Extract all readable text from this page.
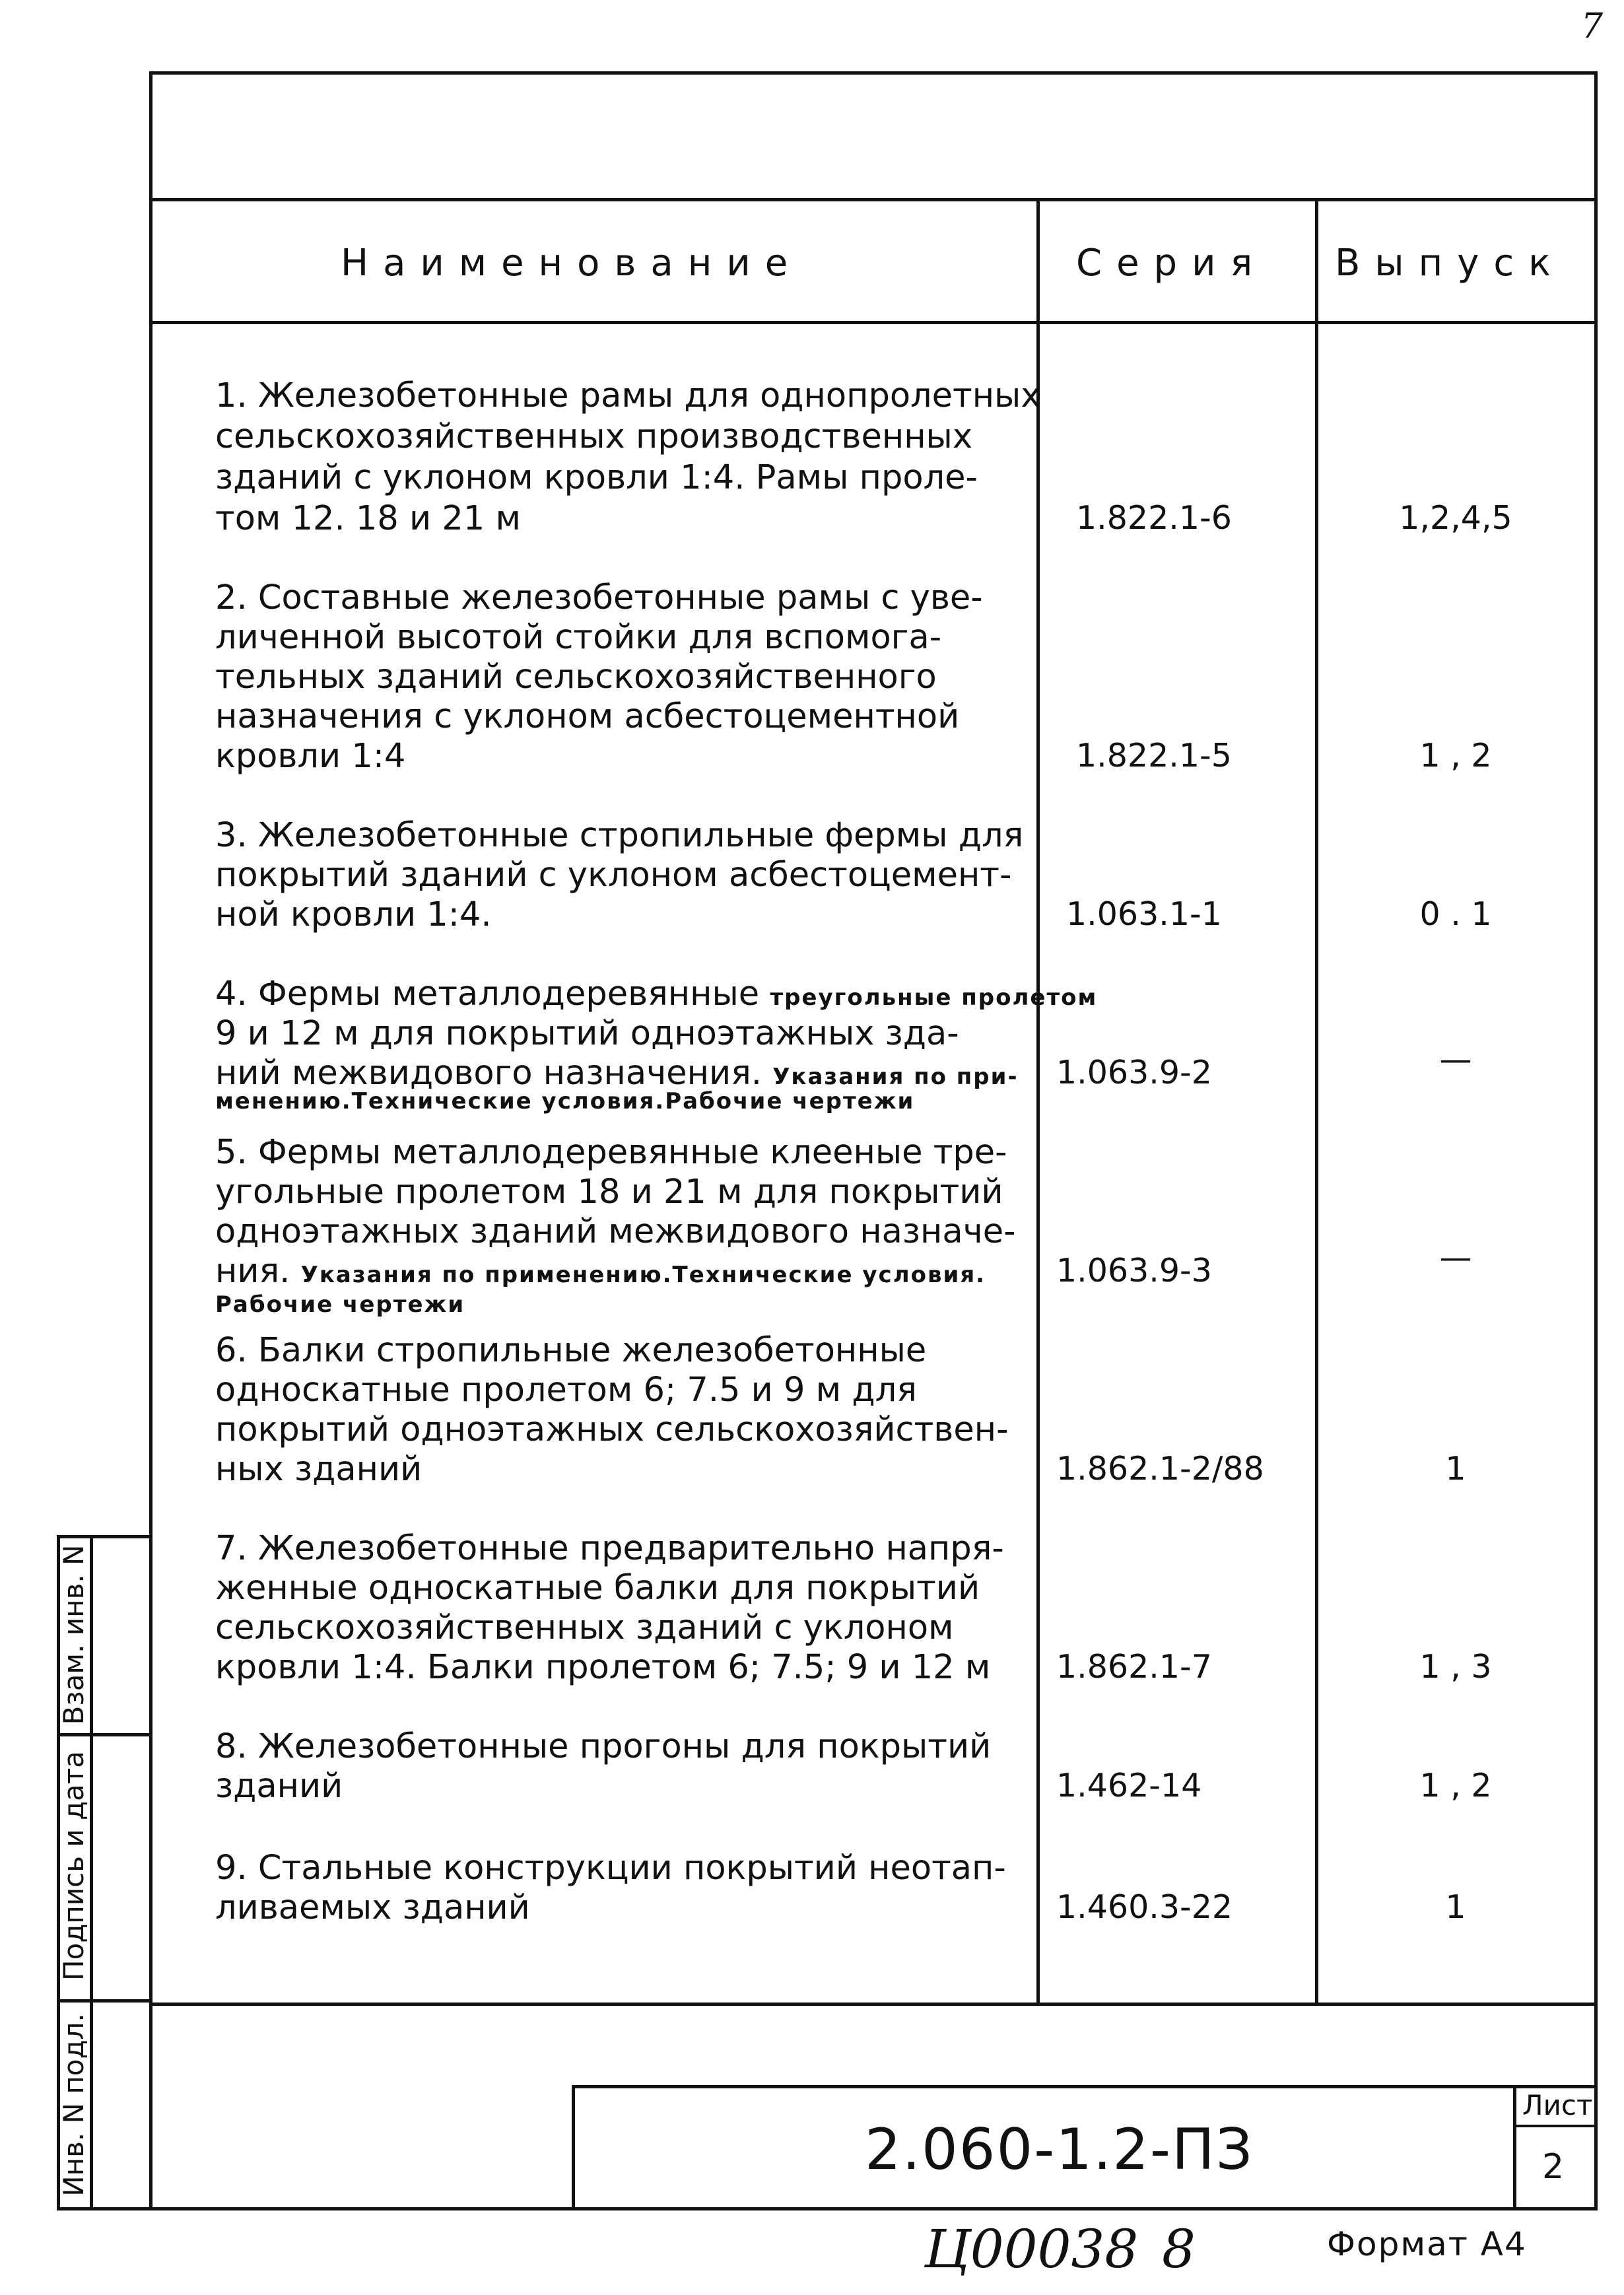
7
Наименование	Серия Выпуск
1. Железобетонные рамы для однопролетных
сельскохозяйственных производственных
зданий с уклоном кровли 1:4. Рамы проле-
том 12. 18 и 21 м	1.822.1-6	1,2,4,5
2. Составные железобетонные рамы с уве-
личенной высотой стойки для вспомога-
тельных зданий сельскохозяйственного
назначения с уклоном асбестоцементной
кровли 1:4	1.822.1-5	1 , 2
3. Железобетонные стропильные фермы для
покрытий зданий с уклоном асбестоцемент-
ной кровли 1:4.	1.063.1-1	0 . 1
4. Фермы металлодеревянные треугольные пролетом
9 и 12 м для покрытий одноэтажных зда-
ний межвидового назначения. Указания по при-
менению.Технические условия.Рабочие чертежи
1.063.9-2	—
5. Фермы металлодеревянные клееные тре-
угольные пролетом 18 и 21 м для покрытий
одноэтажных зданий межвидового назначе-
ния. Указания по применению.Технические условия.
Рабочие чертежи
1.063.9-3	—
6. Балки стропильные железобетонные
односкатные пролетом 6; 7.5 и 9 м для
покрытий одноэтажных сельскохозяйствен-
ных зданий	1.862.1-2/88	1
7. Железобетонные предварительно напря-
женные односкатные балки для покрытий
сельскохозяйственных зданий с уклоном
кровли 1:4. Балки пролетом 6; 7.5; 9 и 12 м 1.862.1-7	1 , 3
8. Железобетонные прогоны для покрытий
зданий	1.462-14	1 , 2
9. Стальные конструкции покрытий неотап-
ливаемых зданий	1.460.3-22	1
Взам. инв. N
Подпись и дата
Инв. N подл.	2.060-1.2-ПЗ
Лист
2
Ц00038 8	Формат А4
